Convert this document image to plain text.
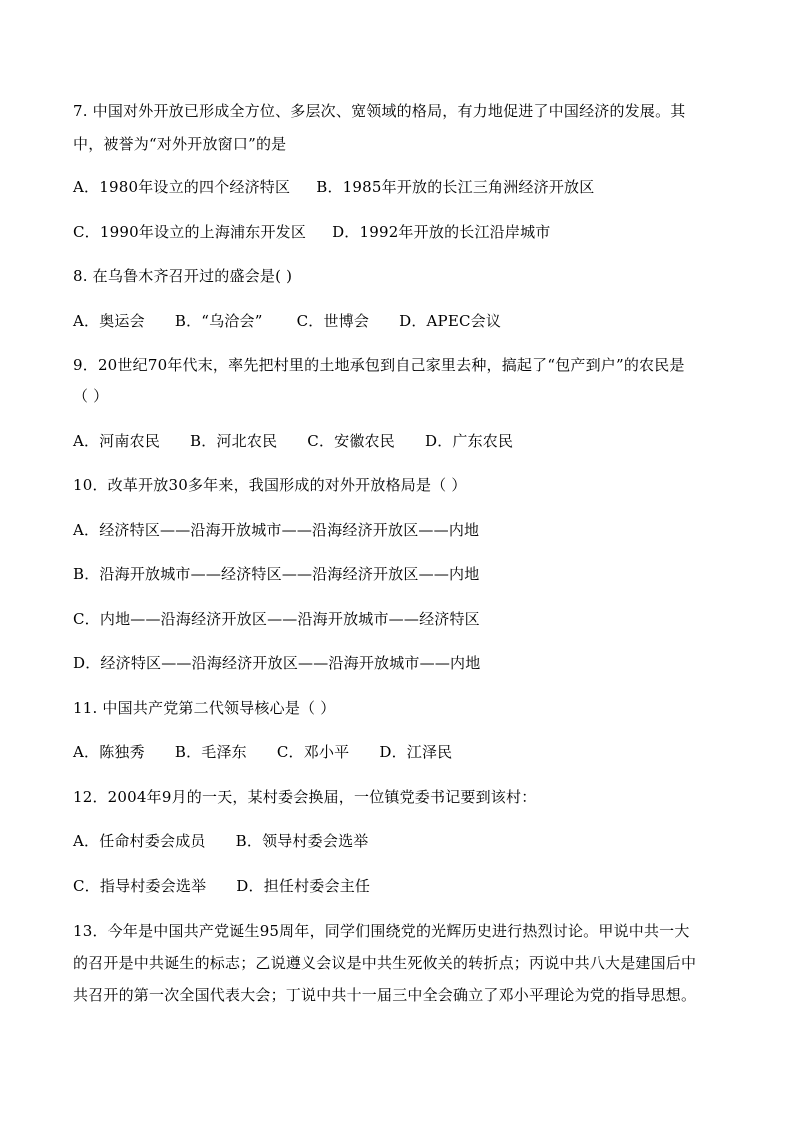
7. 中国对外开放已形成全方位、多层次、宽领域的格局，有力地促进了中国经济的发展。其
中，被誉为“对外开放窗口”的是
A．1980年设立的四个经济特区 B．1985年开放的长江三角洲经济开放区
C．1990年设立的上海浦东开发区 D．1992年开放的长江沿岸城市
8. 在乌鲁木齐召开过的盛会是( )
A．奥运会 B．“乌洽会” C．世博会 D．APEC会议
9．20世纪70年代末，率先把村里的土地承包到自己家里去种，搞起了“包产到户”的农民是
（ ）
A．河南农民 B．河北农民 C．安徽农民 D．广东农民
10．改革开放30多年来，我国形成的对外开放格局是（ ）
A．经济特区——沿海开放城市——沿海经济开放区——内地
B．沿海开放城市——经济特区——沿海经济开放区——内地
C．内地——沿海经济开放区——沿海开放城市——经济特区
D．经济特区——沿海经济开放区——沿海开放城市——内地
11. 中国共产党第二代领导核心是（ ）
A．陈独秀 B．毛泽东 C．邓小平 D．江泽民
12．2004年9月的一天，某村委会换届，一位镇党委书记要到该村：
A．任命村委会成员 B．领导村委会选举
C．指导村委会选举 D．担任村委会主任
13．今年是中国共产党诞生95周年，同学们围绕党的光辉历史进行热烈讨论。甲说中共一大
的召开是中共诞生的标志；乙说遵义会议是中共生死攸关的转折点；丙说中共八大是建国后中
共召开的第一次全国代表大会；丁说中共十一届三中全会确立了邓小平理论为党的指导思想。
